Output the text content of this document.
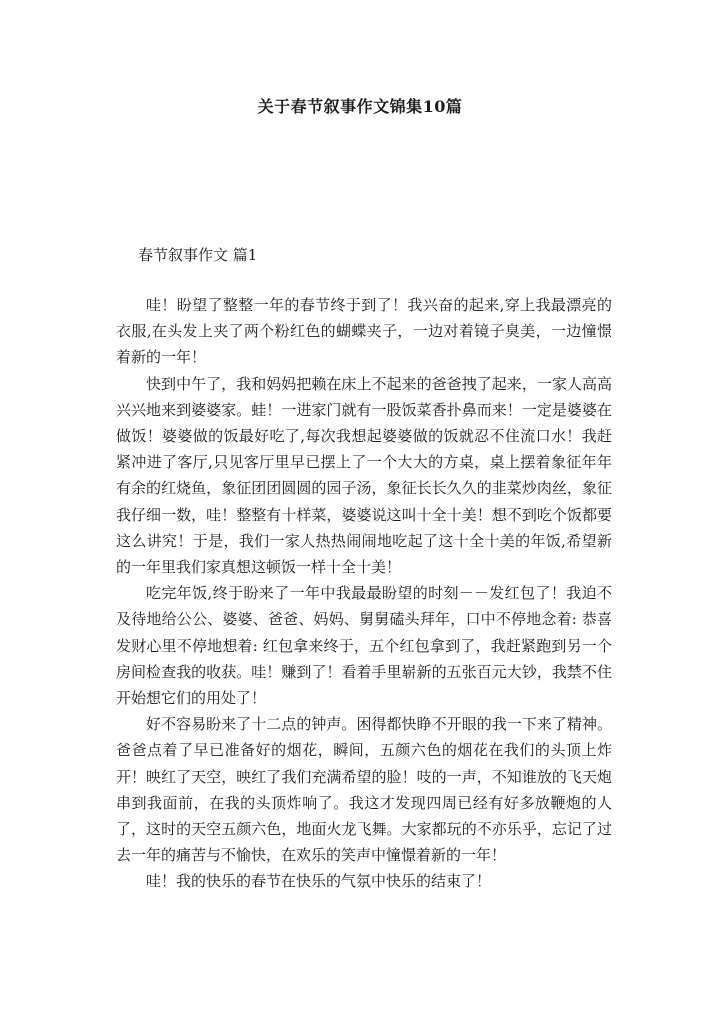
关于春节叙事作文锦集10篇
春节叙事作文 篇1

哇！盼望了整整一年的春节终于到了！我兴奋的起来,穿上我最漂亮的衣服,在头发上夹了两个粉红色的蝴蝶夹子，一边对着镜子臭美，一边憧憬着新的一年！

快到中午了，我和妈妈把赖在床上不起来的爸爸拽了起来，一家人高高兴兴地来到婆婆家。蛙！一进家门就有一股饭菜香扑鼻而来！一定是婆婆在做饭！婆婆做的饭最好吃了,每次我想起婆婆做的饭就忍不住流口水！我赶紧冲进了客厅,只见客厅里早已摆上了一个大大的方桌，桌上摆着象征年年有余的红烧鱼，象征团团圆圆的园子汤，象征长长久久的韭菜炒肉丝，象征我仔细一数，哇！整整有十样菜，婆婆说这叫十全十美！想不到吃个饭都要这么讲究！于是，我们一家人热热闹闹地吃起了这十全十美的年饭,希望新的一年里我们家真想这顿饭一样十全十美！

吃完年饭,终于盼来了一年中我最最盼望的时刻－－发红包了！我迫不及待地给公公、婆婆、爸爸、妈妈、舅舅磕头拜年，口中不停地念着: 恭喜发财心里不停地想着: 红包拿来终于，五个红包拿到了，我赶紧跑到另一个房间检查我的收获。哇！赚到了！看着手里崭新的五张百元大钞，我禁不住开始想它们的用处了！

好不容易盼来了十二点的钟声。困得都快睁不开眼的我一下来了精神。爸爸点着了早已准备好的烟花，瞬间，五颜六色的烟花在我们的头顶上炸开！映红了天空，映红了我们充满希望的脸！吱的一声，不知谁放的飞天炮串到我面前，在我的头顶炸响了。我这才发现四周已经有好多放鞭炮的人了，这时的天空五颜六色，地面火龙飞舞。大家都玩的不亦乐乎，忘记了过去一年的痛苦与不愉快，在欢乐的笑声中憧憬着新的一年！

哇！我的快乐的春节在快乐的气氛中快乐的结束了！
